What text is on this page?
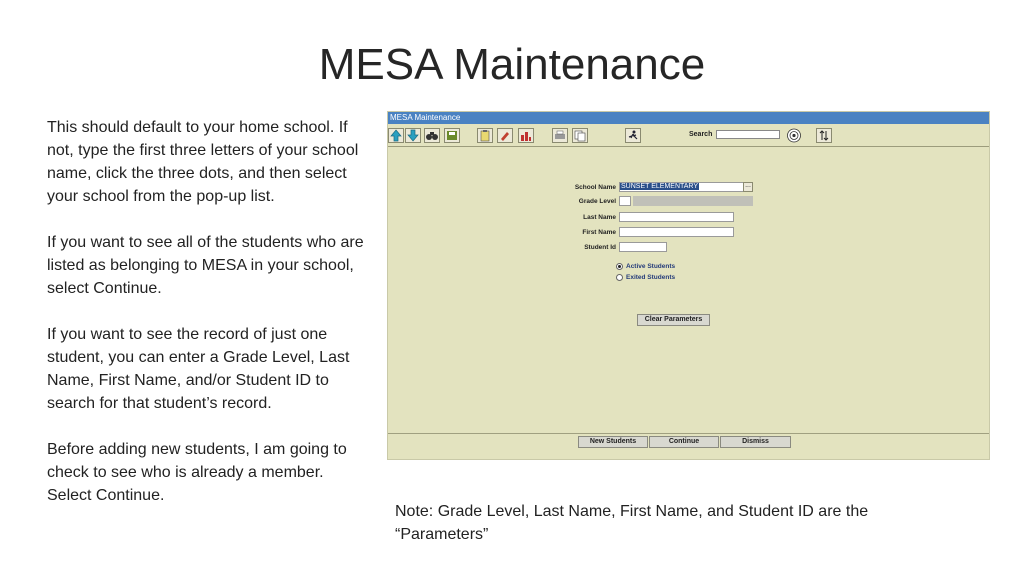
MESA Maintenance

This should default to your home school. If not, type the first three letters of your school name, click the three dots, and then select your school from the pop-up list.

If you want to see all of the students who are listed as belonging to MESA in your school, select Continue.

If you want to see the record of just one student, you can enter a Grade Level, Last Name, First Name, and/or Student ID to search for that student’s record.

Before adding new students, I am going to check to see who is already a member. Select Continue.

MESA Maintenance
Search
School Name SUNSET ELEMENTARY	...
Grade Level
Last Name
First Name
Student Id
Active Students
Exited Students
Clear Parameters
New Students	Continue	Dismiss
Note: Grade Level, Last Name, First Name, and Student ID are the “Parameters”
